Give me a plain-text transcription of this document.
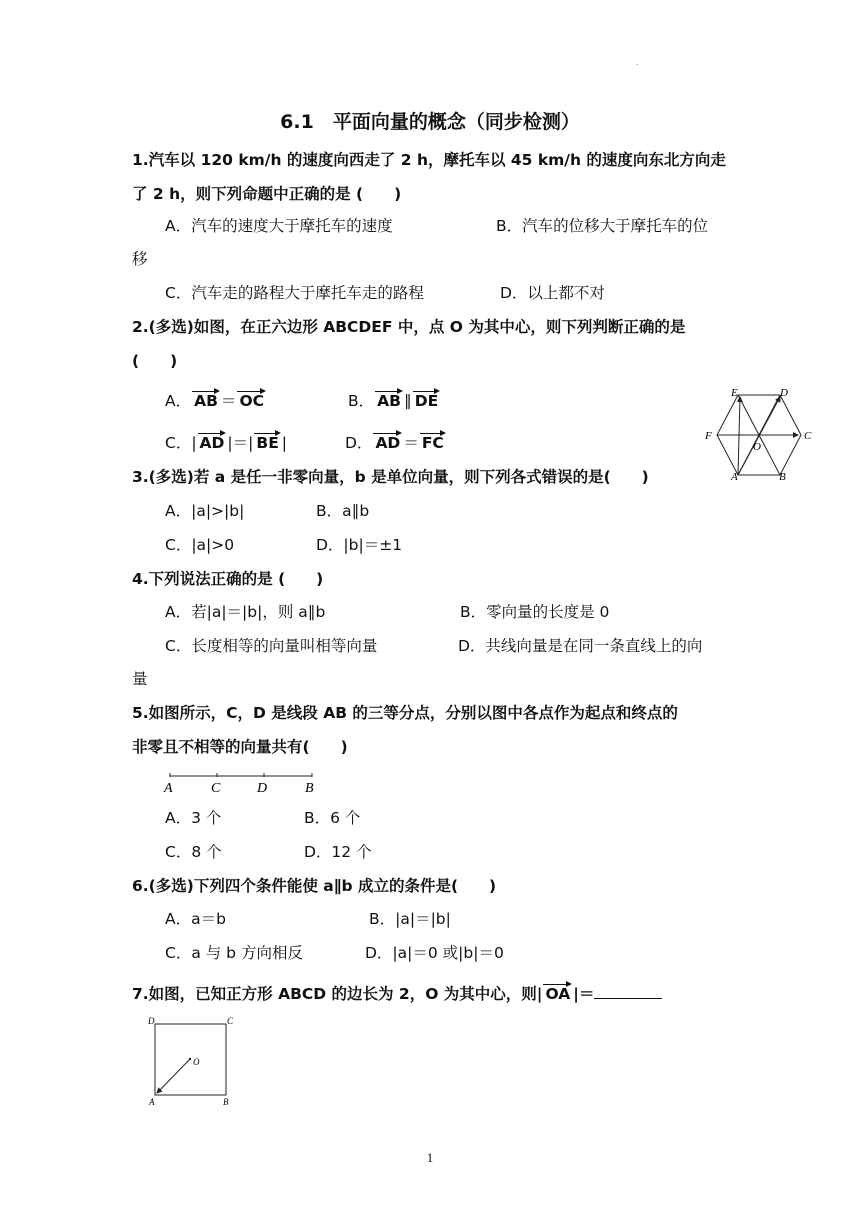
.
6.1　平面向量的概念（同步检测）
1.汽车以 120 km/h 的速度向西走了 2 h，摩托车以 45 km/h 的速度向东北方向走
了 2 h，则下列命题中正确的是 (　　)
A．汽车的速度大于摩托车的速度	B．汽车的位移大于摩托车的位
移
C．汽车走的路程大于摩托车走的路程	D．以上都不对
2.(多选)如图，在正六边形 ABCDEF 中，点 O 为其中心，则下列判断正确的是
(　　)
A． AB ＝ OC	B． AB ∥ DE
C．| AD |＝| BE |	D． AD ＝ FC
E	D
F
O
C
A	B
3.(多选)若 a 是任一非零向量，b 是单位向量，则下列各式错误的是(　　)
A．|a|>|b|	B．a∥b
C．|a|>0	D．|b|＝±1
4.下列说法正确的是 (　　)
A．若|a|＝|b|，则 a∥b	B．零向量的长度是 0
C．长度相等的向量叫相等向量	D．共线向量是在同一条直线上的向
量
5.如图所示，C，D 是线段 AB 的三等分点，分别以图中各点作为起点和终点的
非零且不相等的向量共有(　　)
A	C	D	B
A．3 个	B．6 个
C．8 个	D．12 个
6.(多选)下列四个条件能使 a∥b 成立的条件是(　　)
A．a＝b	B．|a|＝|b|
C．a 与 b 方向相反	D．|a|＝0 或|b|＝0
7.如图，已知正方形 ABCD 的边长为 2，O 为其中心，则| OA |＝
D	C
O
A	B
1
